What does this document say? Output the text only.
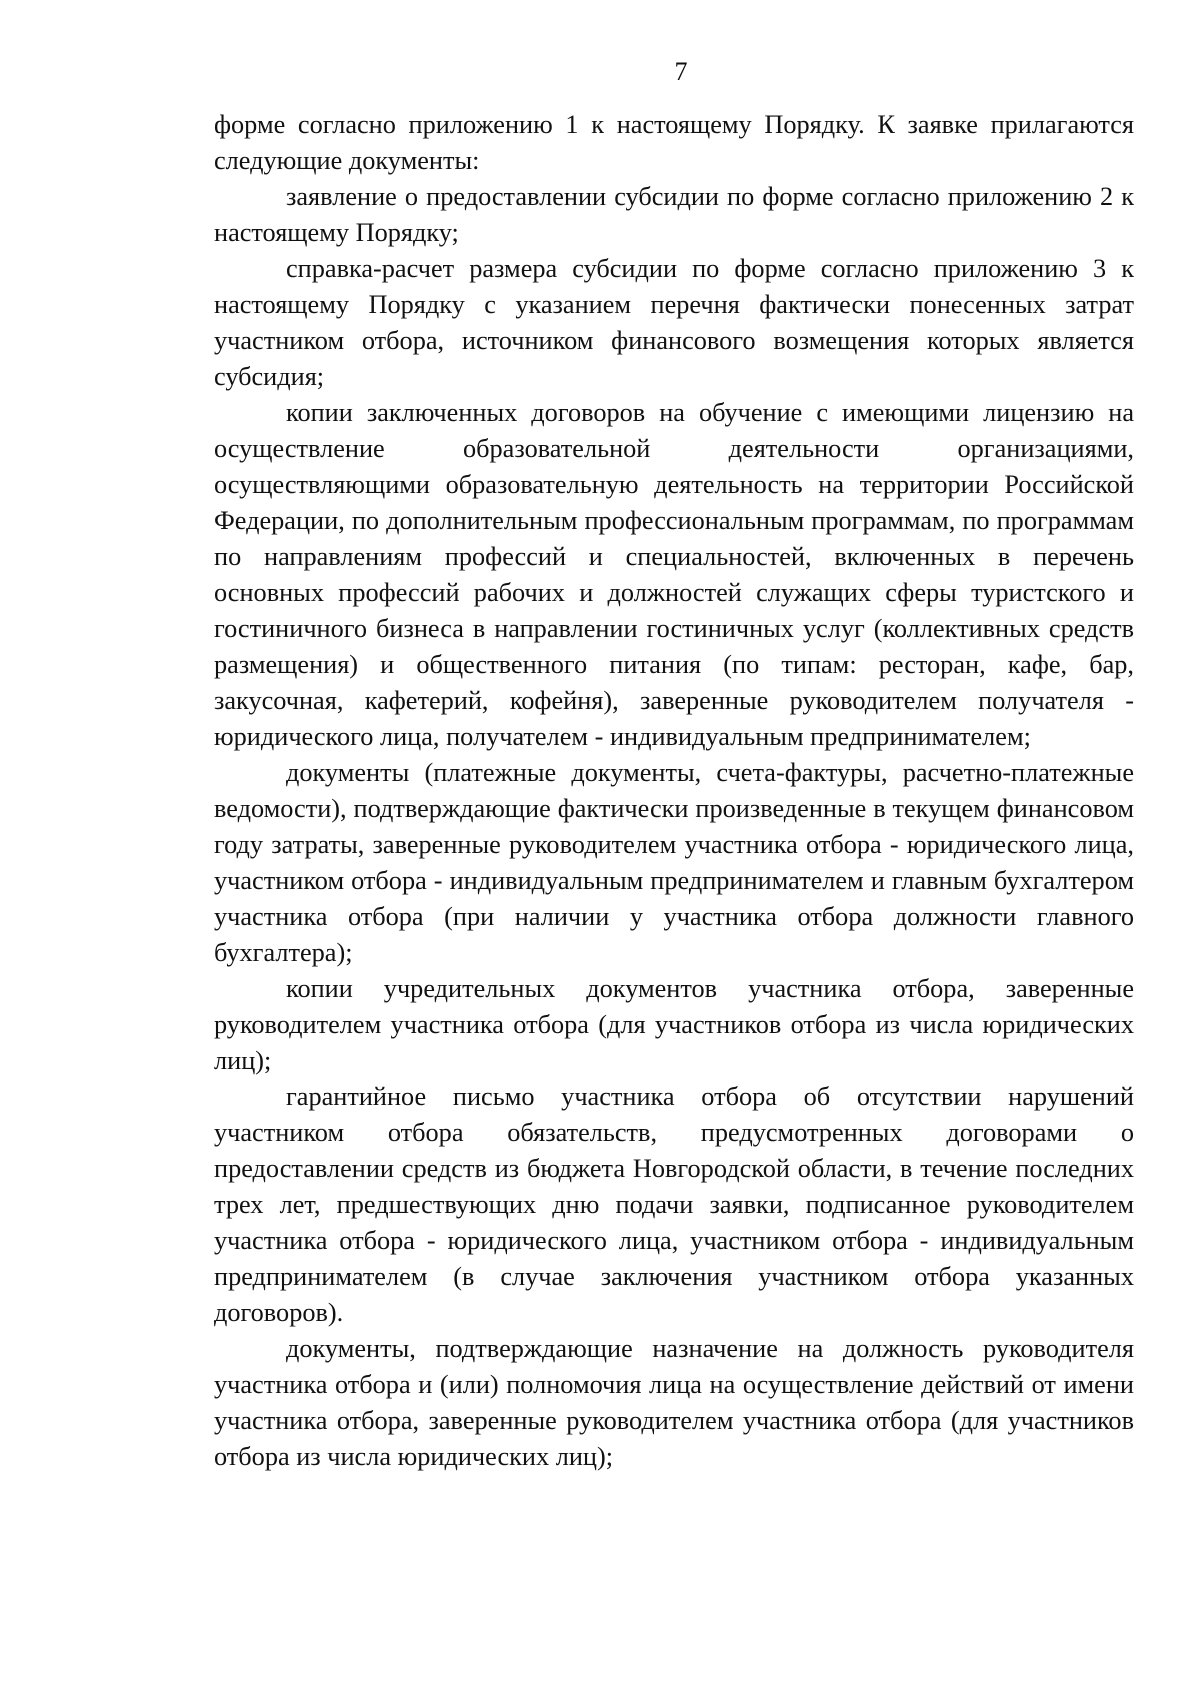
7

форме согласно приложению 1 к настоящему Порядку. К заявке прилагаются следующие документы:

заявление о предоставлении субсидии по форме согласно приложению 2 к настоящему Порядку;

справка-расчет размера субсидии по форме согласно приложению 3 к настоящему Порядку с указанием перечня фактически понесенных затрат участником отбора, источником финансового возмещения которых является субсидия;

копии заключенных договоров на обучение с имеющими лицензию на осуществление образовательной деятельности организациями, осуществляющими образовательную деятельность на территории Российской Федерации, по дополнительным профессиональным программам, по программам по направлениям профессий и специальностей, включенных в перечень основных профессий рабочих и должностей служащих сферы туристского и гостиничного бизнеса в направлении гостиничных услуг (коллективных средств размещения) и общественного питания (по типам: ресторан, кафе, бар, закусочная, кафетерий, кофейня), заверенные руководителем получателя - юридического лица, получателем - индивидуальным предпринимателем;

документы (платежные документы, счета-фактуры, расчетно-платежные ведомости), подтверждающие фактически произведенные в текущем финансовом году затраты, заверенные руководителем участника отбора - юридического лица, участником отбора - индивидуальным предпринимателем и главным бухгалтером участника отбора (при наличии у участника отбора должности главного бухгалтера);

копии учредительных документов участника отбора, заверенные руководителем участника отбора (для участников отбора из числа юридических лиц);

гарантийное письмо участника отбора об отсутствии нарушений участником отбора обязательств, предусмотренных договорами о предоставлении средств из бюджета Новгородской области, в течение последних трех лет, предшествующих дню подачи заявки, подписанное руководителем участника отбора - юридического лица, участником отбора - индивидуальным предпринимателем (в случае заключения участником отбора указанных договоров).

документы, подтверждающие назначение на должность руководителя участника отбора и (или) полномочия лица на осуществление действий от имени участника отбора, заверенные руководителем участника отбора (для участников отбора из числа юридических лиц);
